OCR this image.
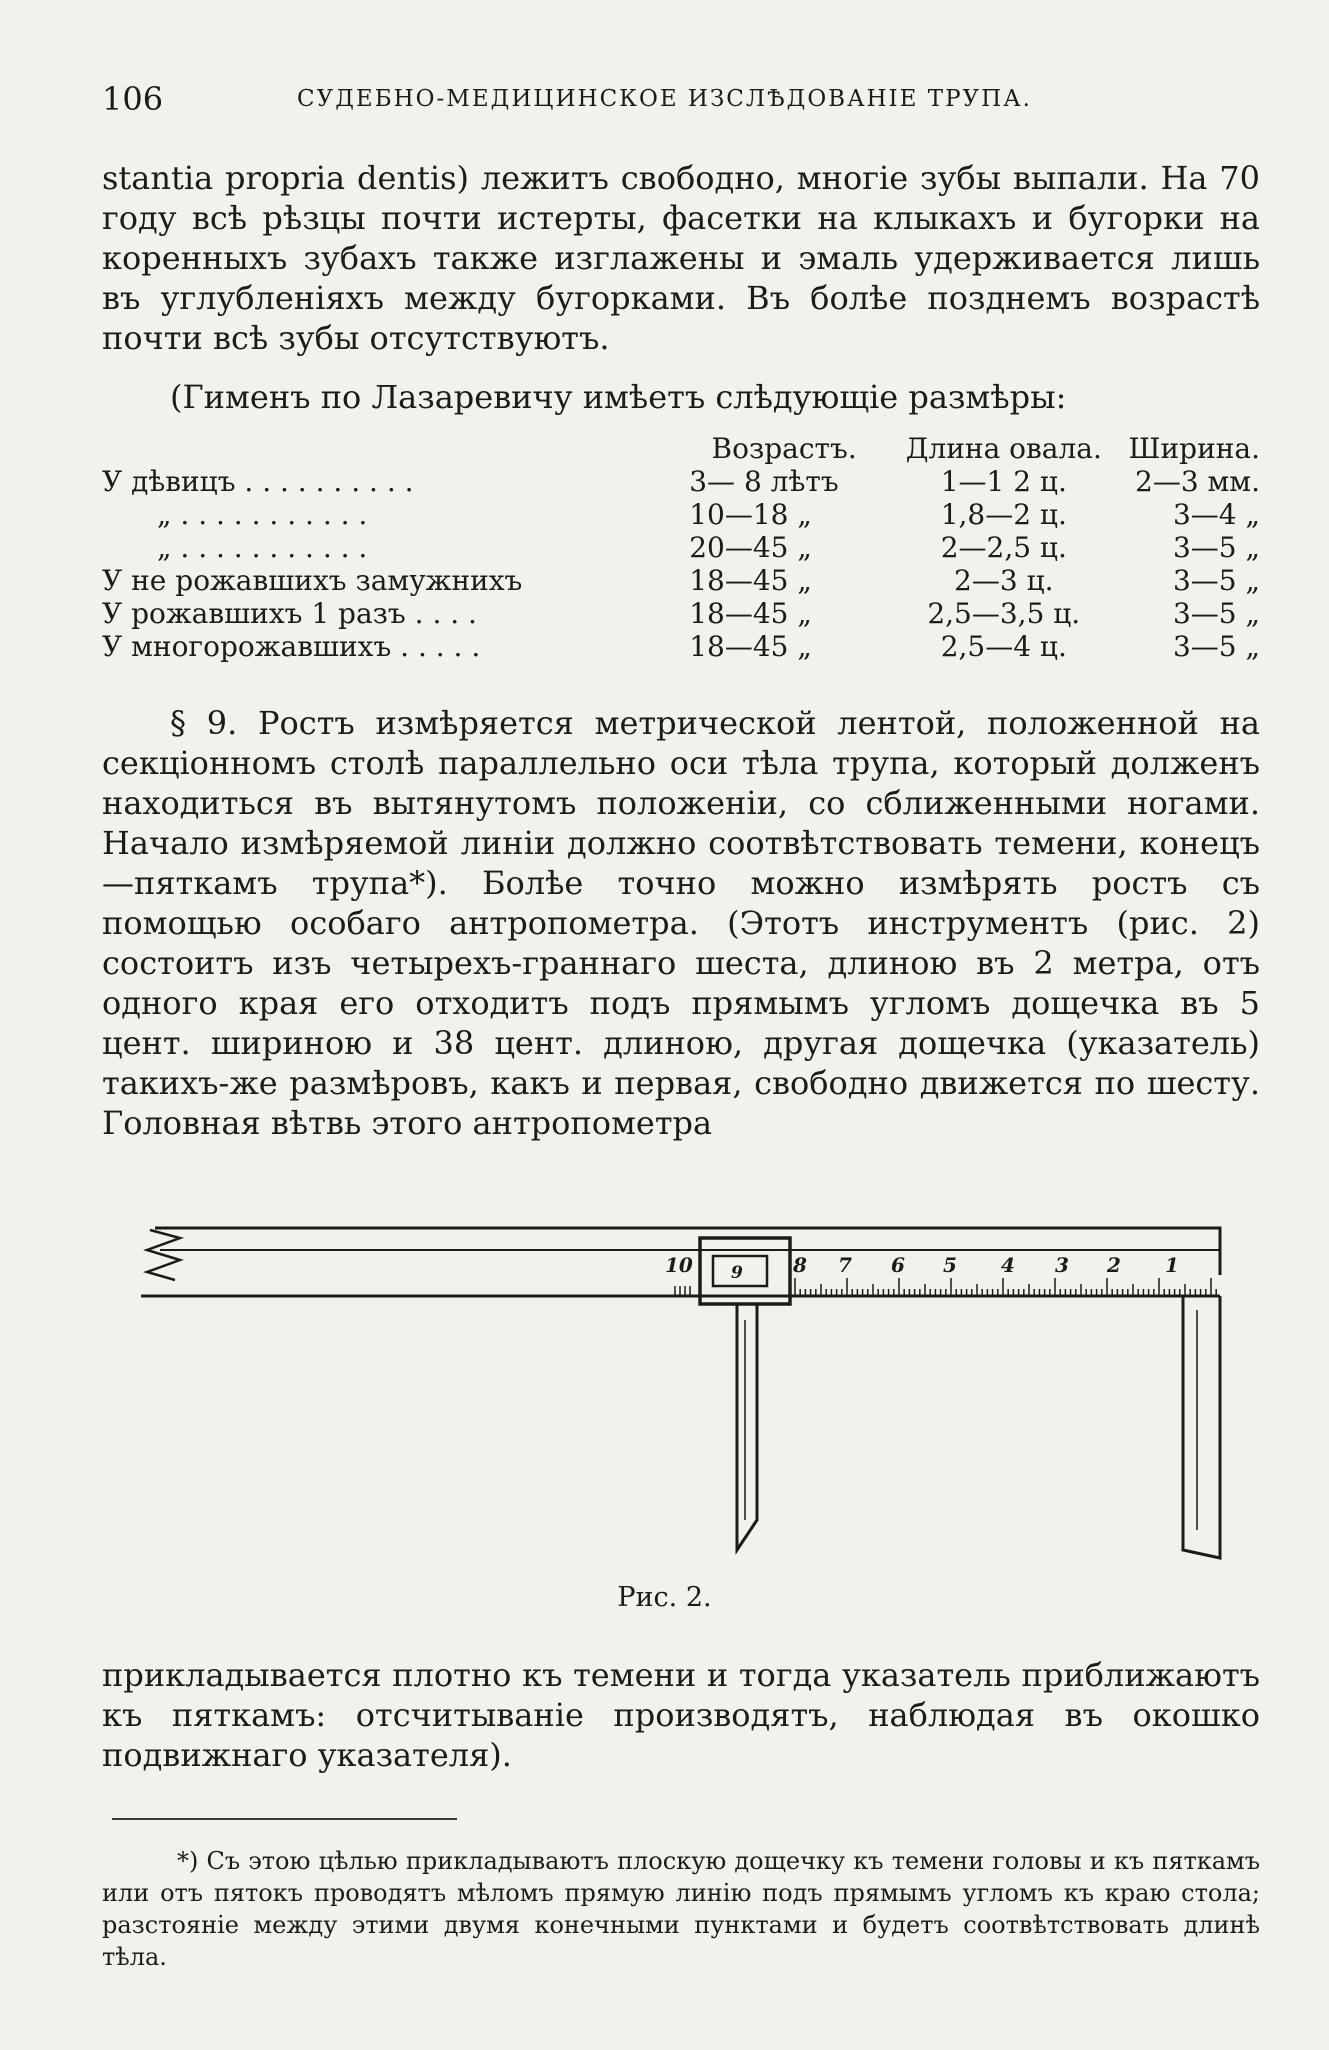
106	СУДЕБНО-МЕДИЦИНСКОЕ ИЗСЛѢДОВАНІЕ ТРУПА.

stantia propria dentis) лежитъ свободно, многіе зубы выпали. На 70 году всѣ рѣзцы почти истерты, фасетки на клыкахъ и бугорки на коренныхъ зубахъ также изглажены и эмаль удерживается лишь въ углубленіяхъ между бугорками. Въ болѣе позднемъ возрастѣ почти всѣ зубы отсутствуютъ.

(Гименъ по Лазаревичу имѣетъ слѣдующіе размѣры:

	Возрастъ.	Длина овала.	Ширина.
У дѣвицъ . . . . . . . . . .	3— 8 лѣтъ	1—1 2 ц.	2—3 мм.
„ . . . . . . . . . . .	10—18 „	1,8—2 ц.	3—4 „
„ . . . . . . . . . . .	20—45 „	2—2,5 ц.	3—5 „
У не рожавшихъ замужнихъ	18—45 „	2—3 ц.	3—5 „
У рожавшихъ 1 разъ . . . .	18—45 „	2,5—3,5 ц.	3—5 „
У многорожавшихъ . . . . .	18—45 „	2,5—4 ц.	3—5 „

§ 9. Ростъ измѣряется метрической лентой, положенной на секціонномъ столѣ параллельно оси тѣла трупа, который долженъ находиться въ вытянутомъ положеніи, со сближенными ногами. Начало измѣряемой линіи должно соотвѣтствовать темени, конецъ—пяткамъ трупа*). Болѣе точно можно измѣрять ростъ съ помощью особаго антропометра. (Этотъ инструментъ (рис. 2) состоитъ изъ четырехъ-граннаго шеста, длиною въ 2 метра, отъ одного края его отходитъ подъ прямымъ угломъ дощечка въ 5 цент. шириною и 38 цент. длиною, другая дощечка (указатель) такихъ-же размѣровъ, какъ и первая, свободно движется по шесту. Головная вѣтвь этого антропометра

10 9	8 7 6 5 4 3 2 1
Рис. 2.

прикладывается плотно къ темени и тогда указатель приближаютъ къ пяткамъ: отсчитываніе производятъ, наблюдая въ окошко подвижнаго указателя).

*) Съ этою цѣлью прикладываютъ плоскую дощечку къ темени головы и къ пяткамъ или отъ пятокъ проводятъ мѣломъ прямую линію подъ прямымъ угломъ къ краю стола; разстояніе между этими двумя конечными пунктами и будетъ соотвѣтствовать длинѣ тѣла.
